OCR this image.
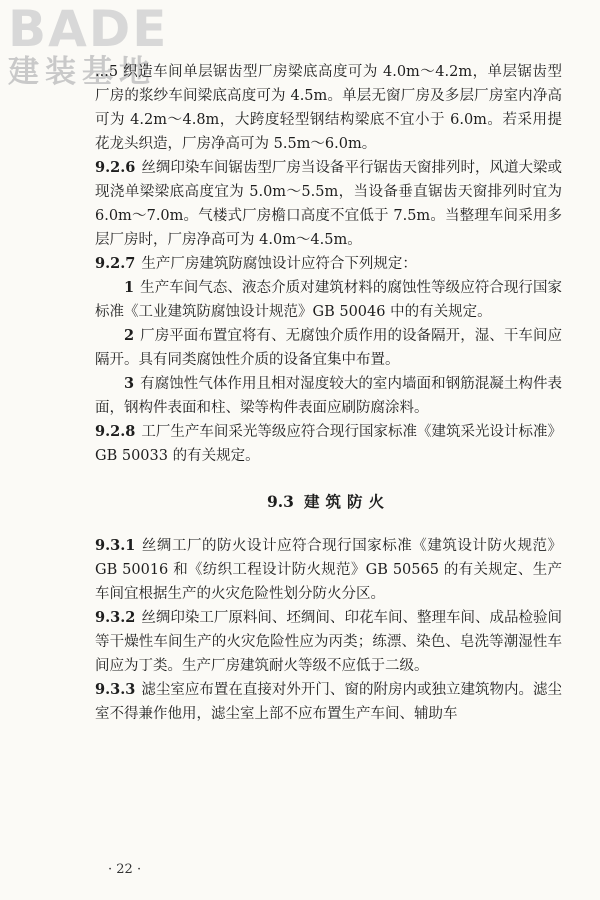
BADE
建装基地

...5 织造车间单层锯齿型厂房梁底高度可为 4.0m～4.2m，单层锯齿型厂房的浆纱车间梁底高度可为 4.5m。单层无窗厂房及多层厂房室内净高可为 4.2m～4.8m，大跨度轻型钢结构梁底不宜小于 6.0m。若采用提花龙头织造，厂房净高可为 5.5m～6.0m。

9.2.6 丝绸印染车间锯齿型厂房当设备平行锯齿天窗排列时，风道大梁或现浇单梁梁底高度宜为 5.0m～5.5m，当设备垂直锯齿天窗排列时宜为 6.0m～7.0m。气楼式厂房檐口高度不宜低于 7.5m。当整理车间采用多层厂房时，厂房净高可为 4.0m～4.5m。

9.2.7 生产厂房建筑防腐蚀设计应符合下列规定：

1 生产车间气态、液态介质对建筑材料的腐蚀性等级应符合现行国家标准《工业建筑防腐蚀设计规范》GB 50046 中的有关规定。

2 厂房平面布置宜将有、无腐蚀介质作用的设备隔开，湿、干车间应隔开。具有同类腐蚀性介质的设备宜集中布置。

3 有腐蚀性气体作用且相对湿度较大的室内墙面和钢筋混凝土构件表面，钢构件表面和柱、梁等构件表面应刷防腐涂料。

9.2.8 工厂生产车间采光等级应符合现行国家标准《建筑采光设计标准》GB 50033 的有关规定。

9.3 建筑防火

9.3.1 丝绸工厂的防火设计应符合现行国家标准《建筑设计防火规范》GB 50016 和《纺织工程设计防火规范》GB 50565 的有关规定、生产车间宜根据生产的火灾危险性划分防火分区。

9.3.2 丝绸印染工厂原料间、坯绸间、印花车间、整理车间、成品检验间等干燥性车间生产的火灾危险性应为丙类；练漂、染色、皂洗等潮湿性车间应为丁类。生产厂房建筑耐火等级不应低于二级。

9.3.3 滤尘室应布置在直接对外开门、窗的附房内或独立建筑物内。滤尘室不得兼作他用，滤尘室上部不应布置生产车间、辅助车

· 22 ·
